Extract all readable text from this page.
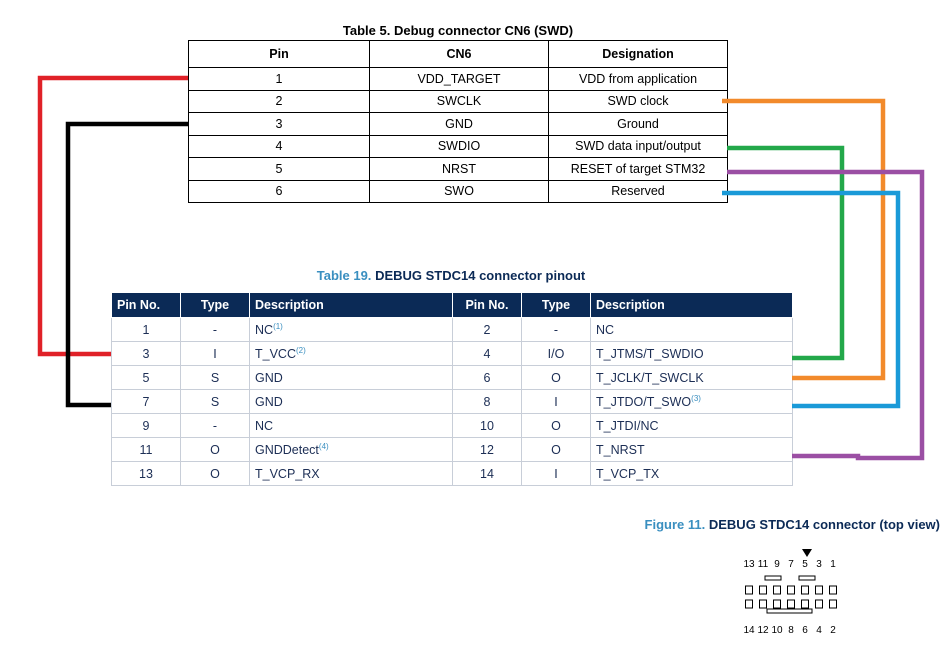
Table 5. Debug connector CN6 (SWD)
Pin	CN6	Designation
1	VDD_TARGET	VDD from application
2	SWCLK	SWD clock
3	GND	Ground
4	SWDIO	SWD data input/output
5	NRST	RESET of target STM32
6	SWO	Reserved
Table 19. DEBUG STDC14 connector pinout
Pin No.	Type	Description	Pin No.	Type	Description
1	-	NC$^{(1)}$	2	-	NC
3	I	T_VCC$^{(2)}$	4	I/O	T_JTMS/T_SWDIO
5	S	GND	6	O	T_JCLK/T_SWCLK
7	S	GND	8	I	T_JTDO/T_SWO$^{(3)}$
9	-	NC	10	O	T_JTDI/NC
11	O	GNDDetect$^{(4)}$	12	O	T_NRST
13	O	T_VCP_RX	14	I	T_VCP_TX
Figure 11. DEBUG STDC14 connector (top view)
13 11 9 7 5 3 1
14 12 10 8 6 4 2
